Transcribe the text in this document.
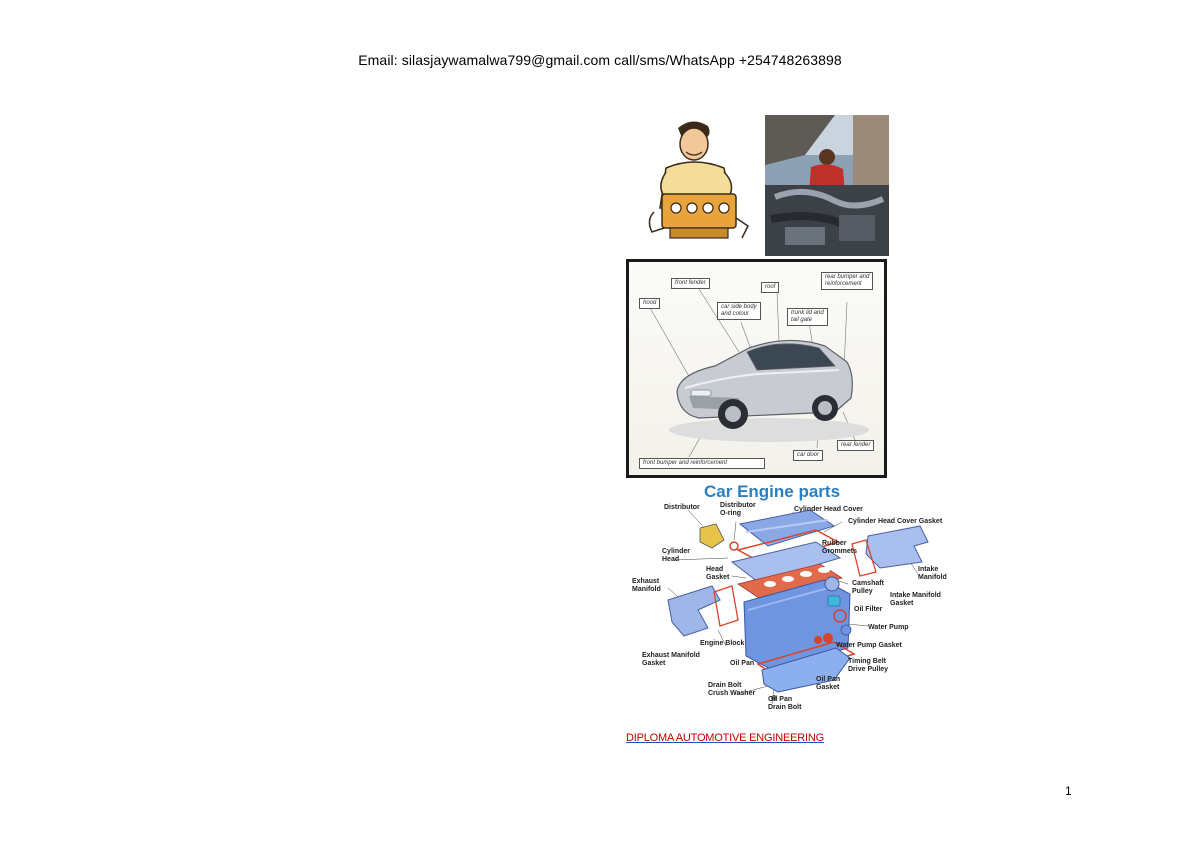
Email: silasjaywamalwa799@gmail.com call/sms/WhatsApp +254748263898
front fender
roof
rear bumper and
reinforcement
hood
car side body
and colour	trunk lid and
tail gate
rear fender
car door
front bumper and reinforcement
Car Engine parts
Distributor	Distributor
O-ring
Cylinder Head Cover
Cylinder Head Cover Gasket
Rubber
Grommets
Cylinder
Head
Head
Gasket
Intake
Manifold
Exhaust
Manifold
Camshaft
Pulley
Intake Manifold
Gasket
Oil Filter
Water Pump
Engine Block	Water Pump Gasket
Exhaust Manifold
Gasket	Oil Pan	Timing Belt
Drive Pulley
Drain Bolt
Crush Washer
Oil Pan
Gasket
Oil Pan
Drain Bolt
DIPLOMA AUTOMOTIVE ENGINEERING
1
